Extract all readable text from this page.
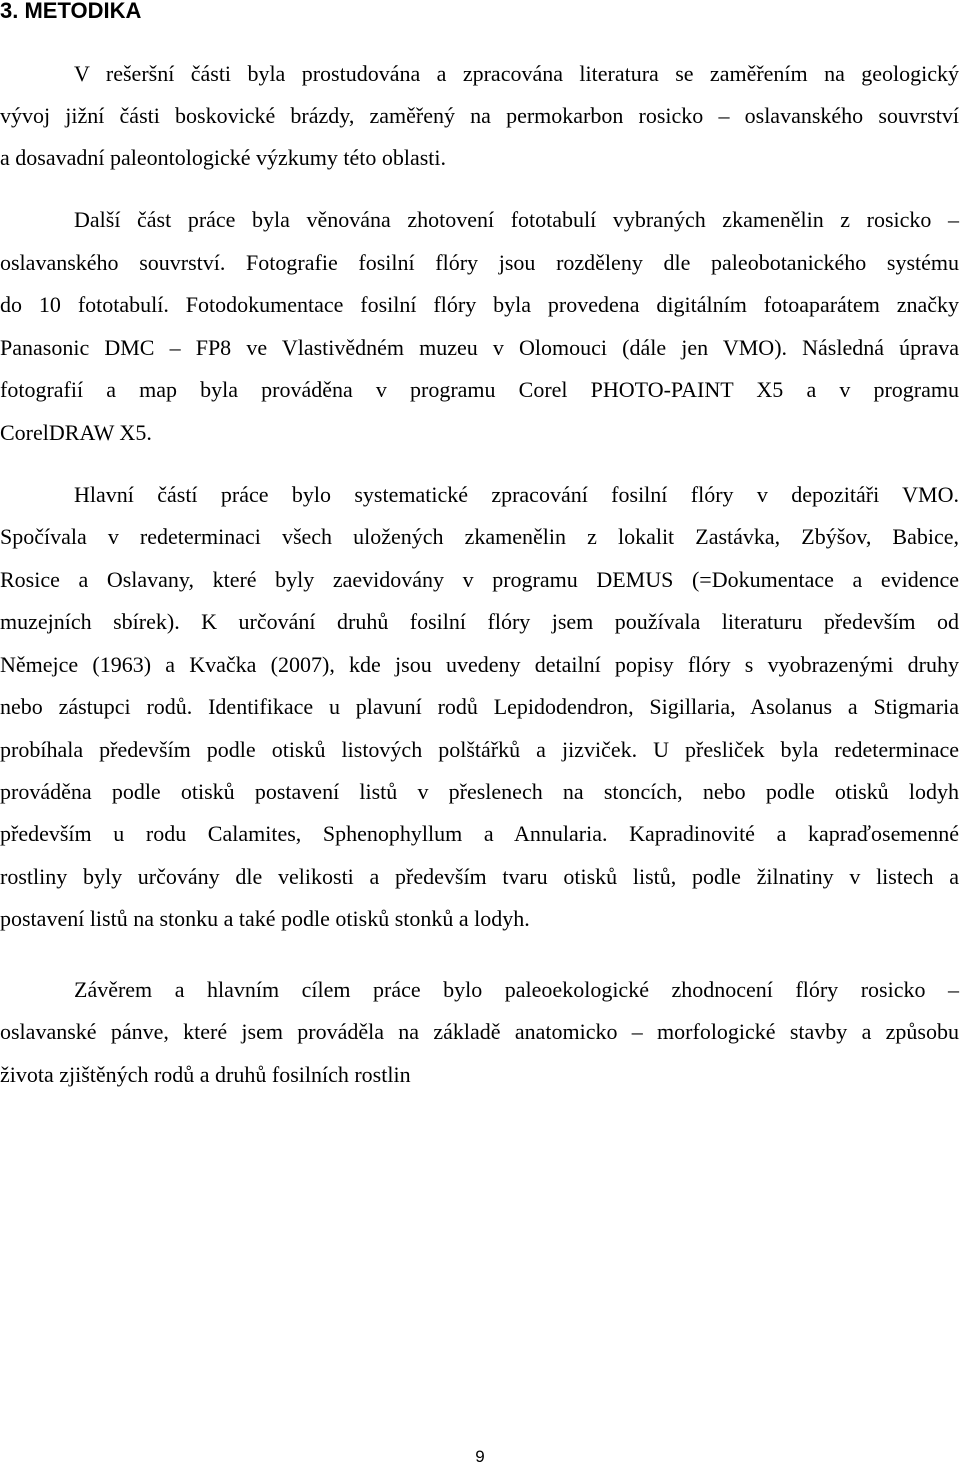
3. METODIKA

V rešeršní části byla prostudována a zpracována literatura se zaměřením na geologický

vývoj jižní části boskovické brázdy, zaměřený na permokarbon rosicko – oslavanského souvrství

a dosavadní paleontologické výzkumy této oblasti.

Další část práce byla věnována zhotovení fototabulí vybraných zkamenělin z rosicko –

oslavanského souvrství. Fotografie fosilní flóry jsou rozděleny dle paleobotanického systému

do 10 fototabulí. Fotodokumentace fosilní flóry byla provedena digitálním fotoaparátem značky

Panasonic DMC – FP8 ve Vlastivědném muzeu v Olomouci (dále jen VMO). Následná úprava

fotografií a map byla prováděna v programu Corel PHOTO-PAINT X5 a v programu

CorelDRAW X5.

Hlavní částí práce bylo systematické zpracování fosilní flóry v depozitáři VMO.

Spočívala v redeterminaci všech uložených zkamenělin z lokalit Zastávka, Zbýšov, Babice,

Rosice a Oslavany, které byly zaevidovány v programu DEMUS (=Dokumentace a evidence

muzejních sbírek). K určování druhů fosilní flóry jsem používala literaturu především od

Němejce (1963) a Kvačka (2007), kde jsou uvedeny detailní popisy flóry s vyobrazenými druhy

nebo zástupci rodů. Identifikace u plavuní rodů Lepidodendron, Sigillaria, Asolanus a Stigmaria

probíhala především podle otisků listových polštářků a jizviček. U přesliček byla redeterminace

prováděna podle otisků postavení listů v přeslenech na stoncích, nebo podle otisků lodyh

především u rodu Calamites, Sphenophyllum a Annularia. Kapradinovité a kapraďosemenné

rostliny byly určovány dle velikosti a především tvaru otisků listů, podle žilnatiny v listech a

postavení listů na stonku a také podle otisků stonků a lodyh.

Závěrem a hlavním cílem práce bylo paleoekologické zhodnocení flóry rosicko –

oslavanské pánve, které jsem prováděla na základě anatomicko – morfologické stavby a způsobu

života zjištěných rodů a druhů fosilních rostlin

9
